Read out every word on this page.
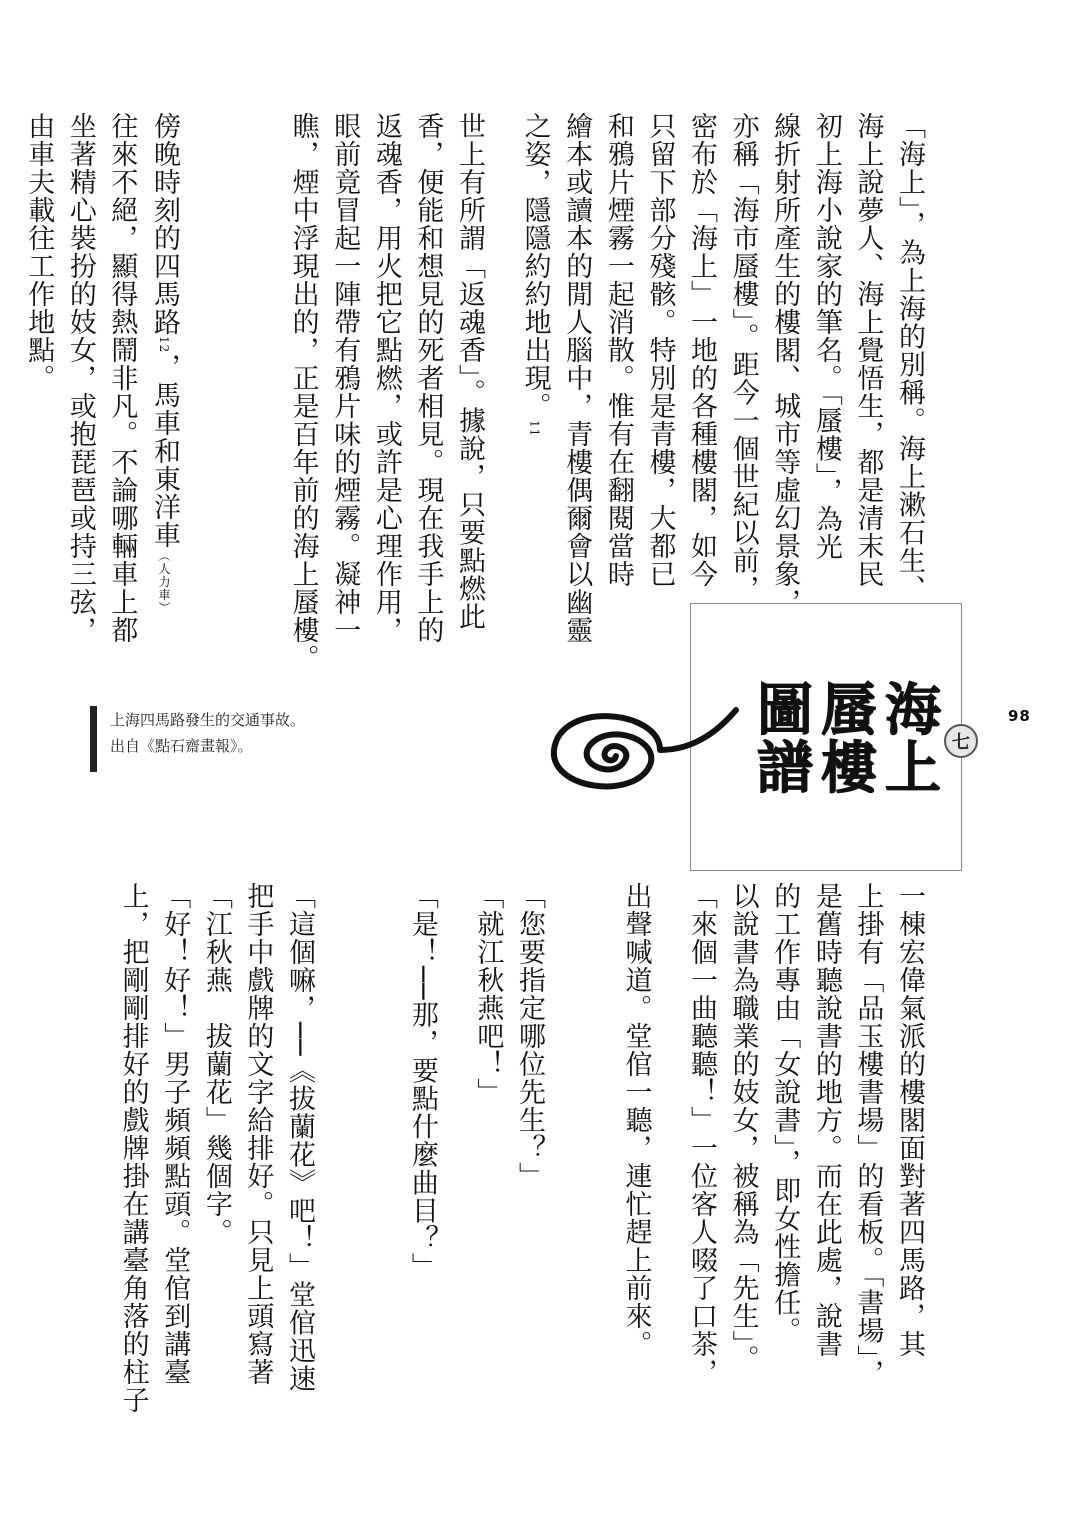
「海上」，為上海的別稱。海上漱石生、
海上說夢人、海上覺悟生，都是清末民
初上海小說家的筆名。「蜃樓」，為光
線折射所產生的樓閣、城市等虛幻景象，
亦稱「海市蜃樓」。距今一個世紀以前，
密布於「海上」一地的各種樓閣，如今
只留下部分殘骸。特別是青樓，大都已
和鴉片煙霧一起消散。惟有在翻閱當時
繪本或讀本的閒人腦中，青樓偶爾會以幽靈
之姿，隱隱約約地出現。11
世上有所謂「返魂香」。據說，只要點燃此
香，便能和想見的死者相見。現在我手上的
返魂香，用火把它點燃，或許是心理作用，
眼前竟冒起一陣帶有鴉片味的煙霧。凝神一
瞧，煙中浮現出的，正是百年前的海上蜃樓。
傍晚時刻的四馬路12，馬車和東洋車（人力車）
往來不絕，顯得熱鬧非凡。不論哪輛車上都
坐著精心裝扮的妓女，或抱琵琶或持三弦，
由車夫載往工作地點。
98
海上
蜃樓
圖譜	七
上海四馬路發生的交通事故。
出自《點石齋畫報》。
一棟宏偉氣派的樓閣面對著四馬路，其
上掛有「品玉樓書場」的看板。「書場」，
是舊時聽說書的地方。而在此處，說書
的工作專由「女說書」，即女性擔任。
以說書為職業的妓女，被稱為「先生」。
「來個一曲聽聽！」一位客人啜了口茶，
出聲喊道。堂倌一聽，連忙趕上前來。
「您要指定哪位先生？」
「就江秋燕吧！」
「是！──那，要點什麼曲目？」
「這個嘛，──《拔蘭花》吧！」堂倌迅速
把手中戲牌的文字給排好。只見上頭寫著
「江秋燕　拔蘭花」幾個字。
「好！好！」男子頻頻點頭。堂倌到講臺
上，把剛剛排好的戲牌掛在講臺角落的柱子
